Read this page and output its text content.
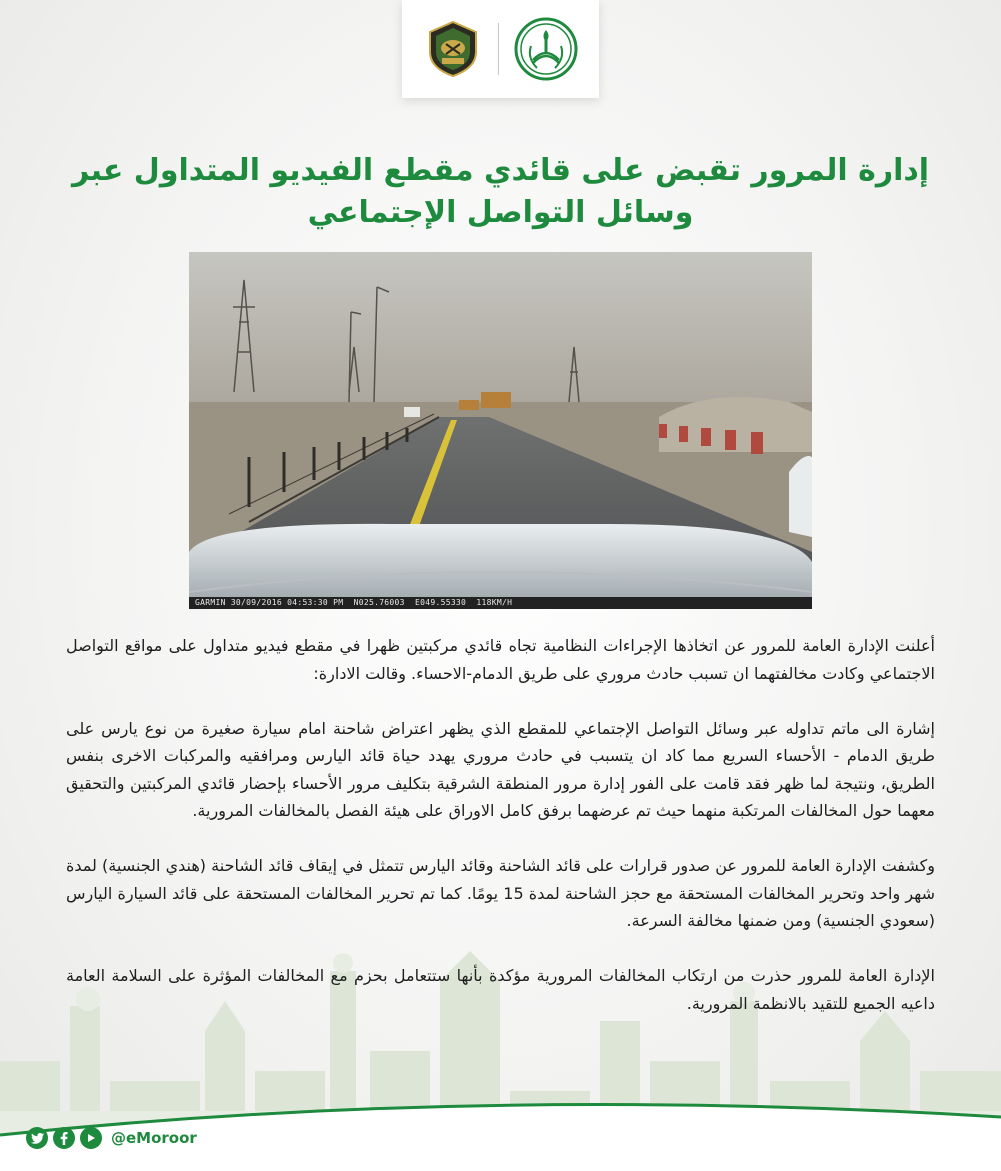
إدارة المرور تقبض على قائدي مقطع الفيديو المتداول عبر وسائل التواصل الإجتماعي
GARMIN 30/09/2016 04:53:30 PM  N025.76003  E049.55330  118KM/H

أعلنت الإدارة العامة للمرور عن اتخاذها الإجراءات النظامية تجاه قائدي مركبتين ظهرا في مقطع فيديو متداول على مواقع التواصل الاجتماعي وكادت مخالفتهما ان تسبب حادث مروري على طريق الدمام-الاحساء. وقالت الادارة:

إشارة الى ماتم تداوله عبر وسائل التواصل الإجتماعي للمقطع الذي يظهر اعتراض شاحنة امام سيارة صغيرة من نوع يارس على طريق الدمام - الأحساء السريع مما كاد ان يتسبب في حادث مروري يهدد حياة قائد اليارس ومرافقيه والمركبات الاخرى بنفس الطريق، ونتيجة لما ظهر فقد قامت على الفور إدارة مرور المنطقة الشرقية بتكليف مرور الأحساء بإحضار قائدي المركبتين والتحقيق معهما حول المخالفات المرتكبة منهما حيث تم عرضهما برفق كامل الاوراق على هيئة الفصل بالمخالفات المرورية.

وكشفت الإدارة العامة للمرور عن صدور قرارات على قائد الشاحنة وقائد اليارس تتمثل في إيقاف قائد الشاحنة (هندي الجنسية) لمدة شهر واحد وتحرير المخالفات المستحقة مع حجز الشاحنة لمدة 15 يومًا. كما تم تحرير المخالفات المستحقة على قائد السيارة اليارس (سعودي الجنسية) ومن ضمنها مخالفة السرعة.

الإدارة العامة للمرور حذرت من ارتكاب المخالفات المرورية مؤكدة بأنها ستتعامل بحزم مع المخالفات المؤثرة على السلامة العامة داعيه الجميع للتقيد بالانظمة المرورية.

@eMoroor
